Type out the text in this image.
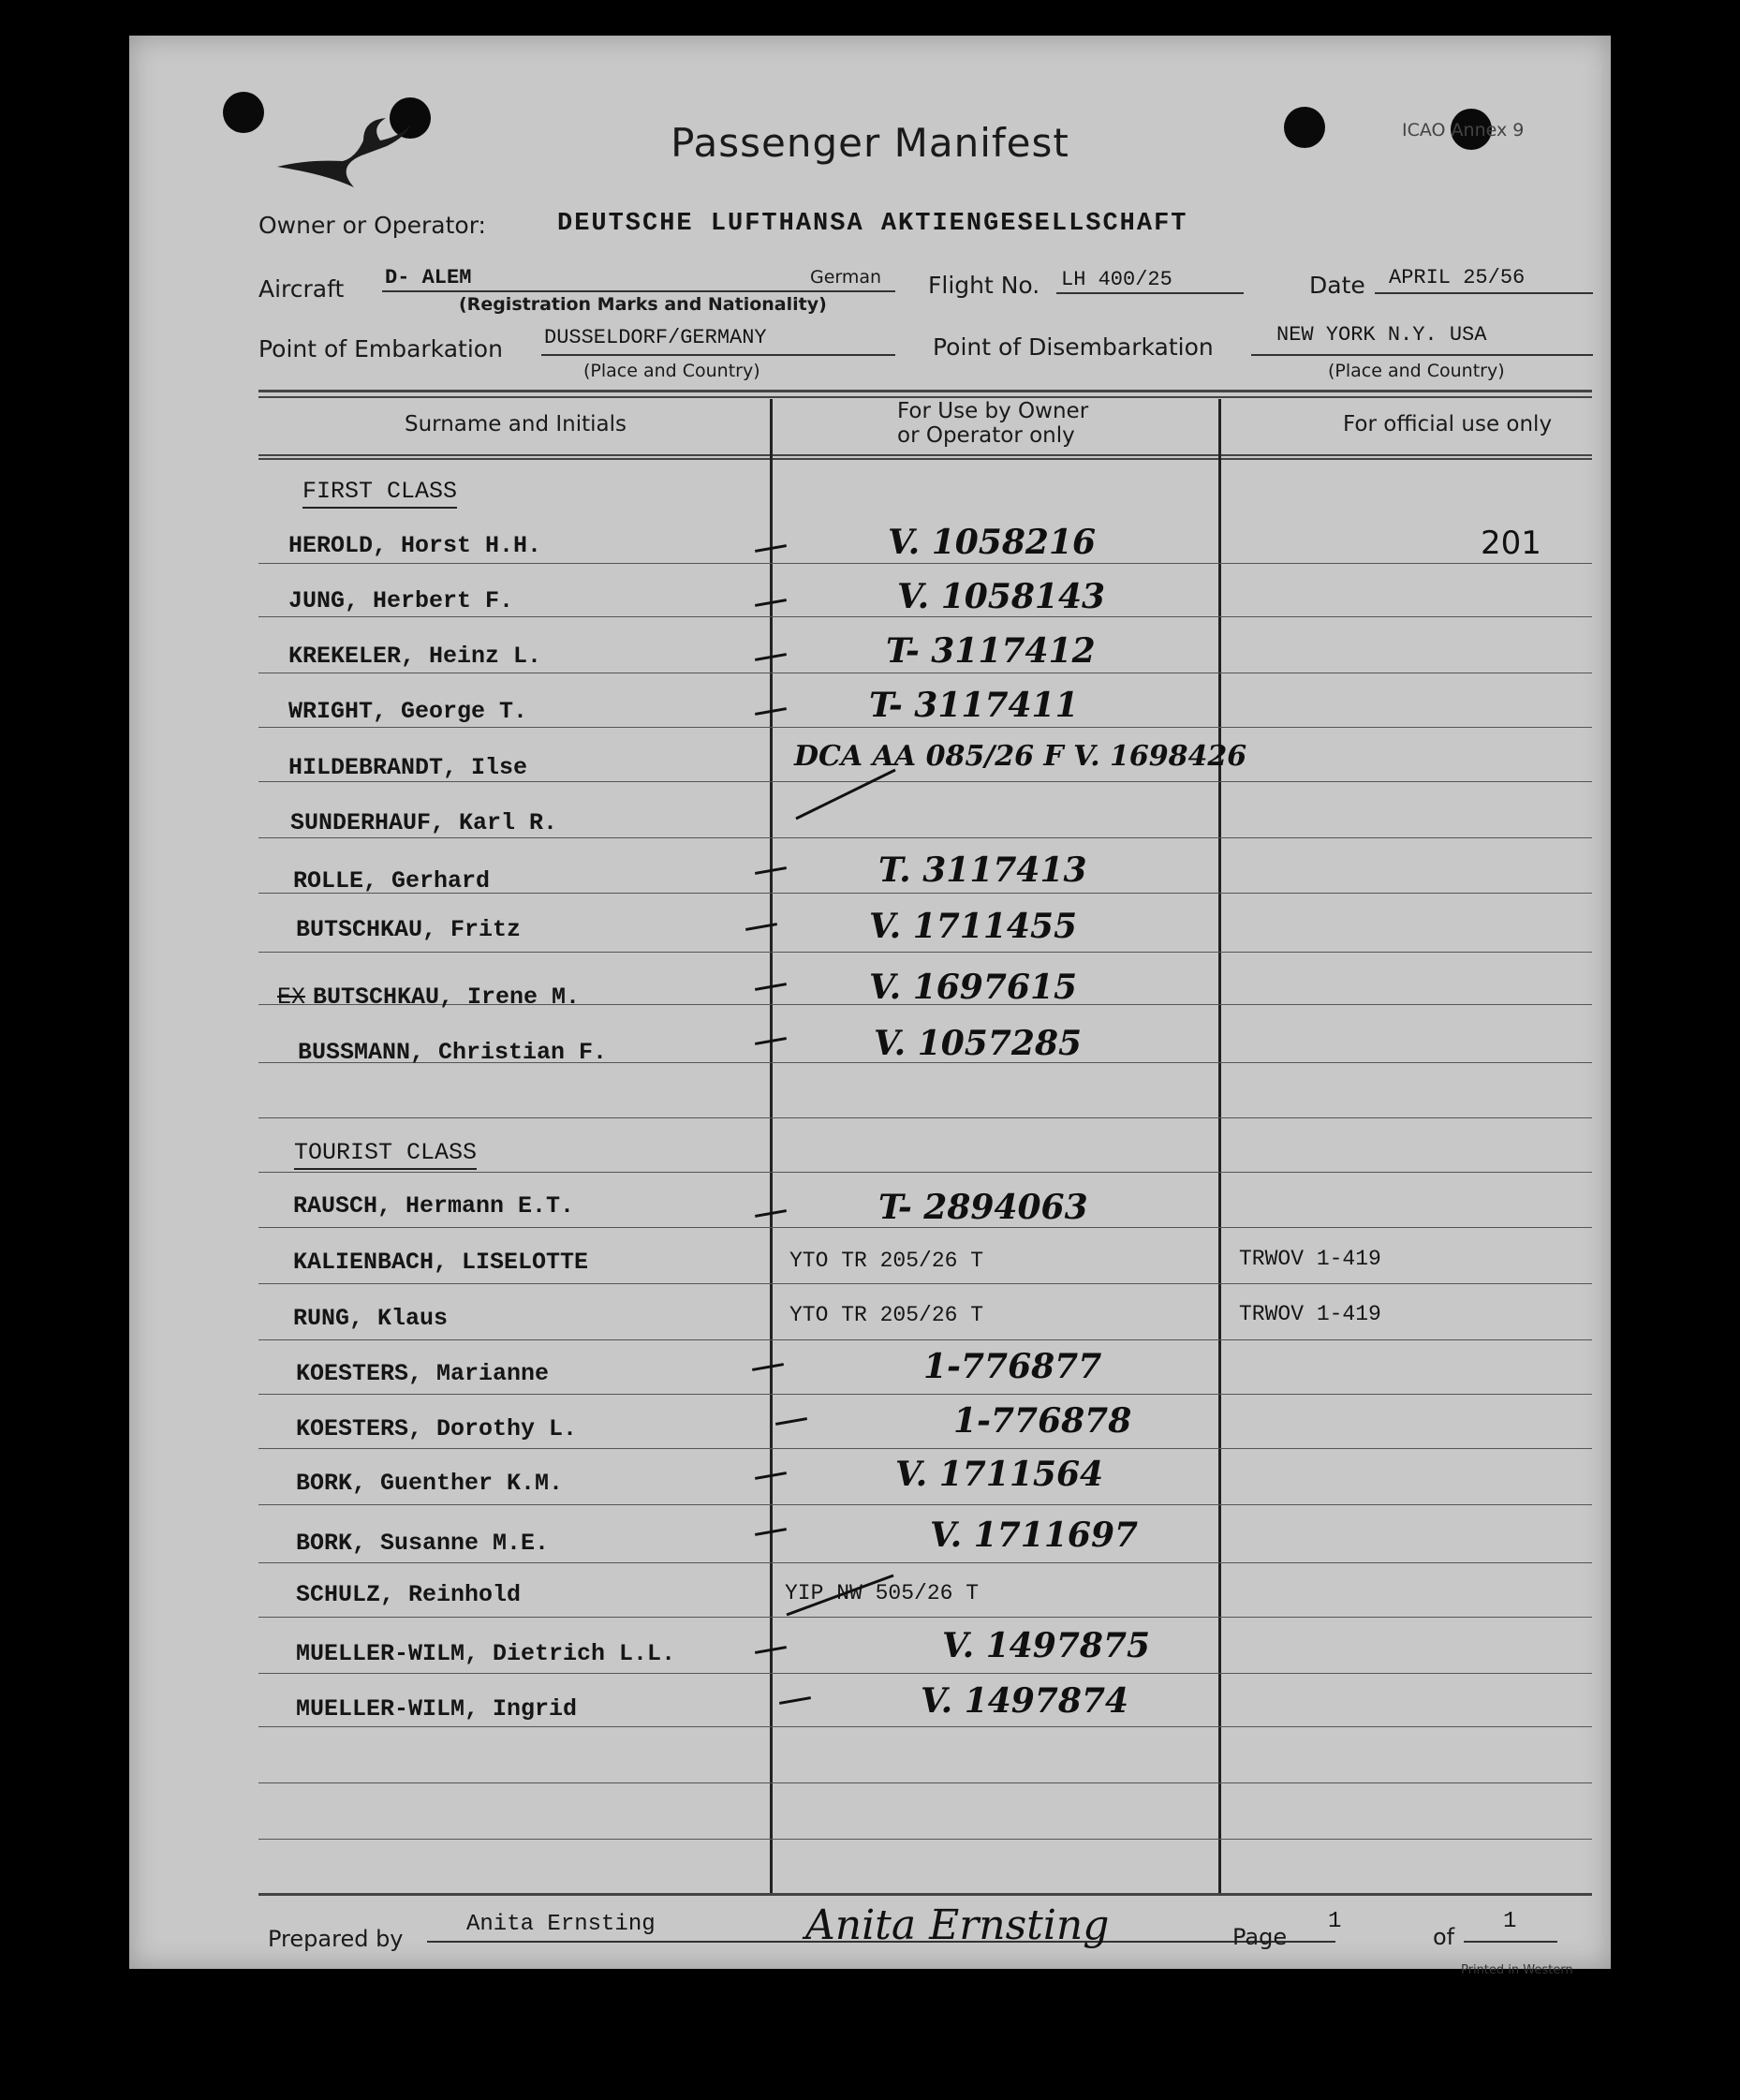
Passenger Manifest	ICAO Annex 9
Owner or Operator:	DEUTSCHE LUFTHANSA AKTIENGESELLSCHAFT
Aircraft D- ALEM	German
(Registration Marks and Nationality)
Flight No. LH 400/25	Date APRIL 25/56
Point of Embarkation DUSSELDORF/GERMANY
(Place and Country)
Point of Disembarkation	NEW YORK N.Y. USA
(Place and Country)
Surname and Initials
For Use by Owner
or Operator only	For official use only
FIRST CLASS
TOURIST CLASS
HEROLD, Horst H.H.	V. 1058216	201
JUNG, Herbert F.	V. 1058143
KREKELER, Heinz L.	T- 3117412
WRIGHT, George T.	T- 3117411
HILDEBRANDT, Ilse	DCA AA 085/26 F V. 1698426
SUNDERHAUF, Karl R.
ROLLE, Gerhard	T. 3117413
BUTSCHKAU, Fritz	V. 1711455
BUTSCHKAU, Irene M.	V. 1697615
BUSSMANN, Christian F.	V. 1057285
EX
RAUSCH, Hermann E.T.	T- 2894063
KALIENBACH, LISELOTTE	YTO TR 205/26 T	TRWOV 1-419
RUNG, Klaus	YTO TR 205/26 T	TRWOV 1-419
KOESTERS, Marianne	1-776877
KOESTERS, Dorothy L.	1-776878
BORK, Guenther K.M.	V. 1711564
BORK, Susanne M.E.	V. 1711697
SCHULZ, Reinhold	YIP NW 505/26 T
MUELLER-WILM, Dietrich L.L.	V. 1497875
MUELLER-WILM, Ingrid	V. 1497874
Prepared by
Anita Ernsting	Anita Ernsting	Page
1
of
1
Printed in Western
